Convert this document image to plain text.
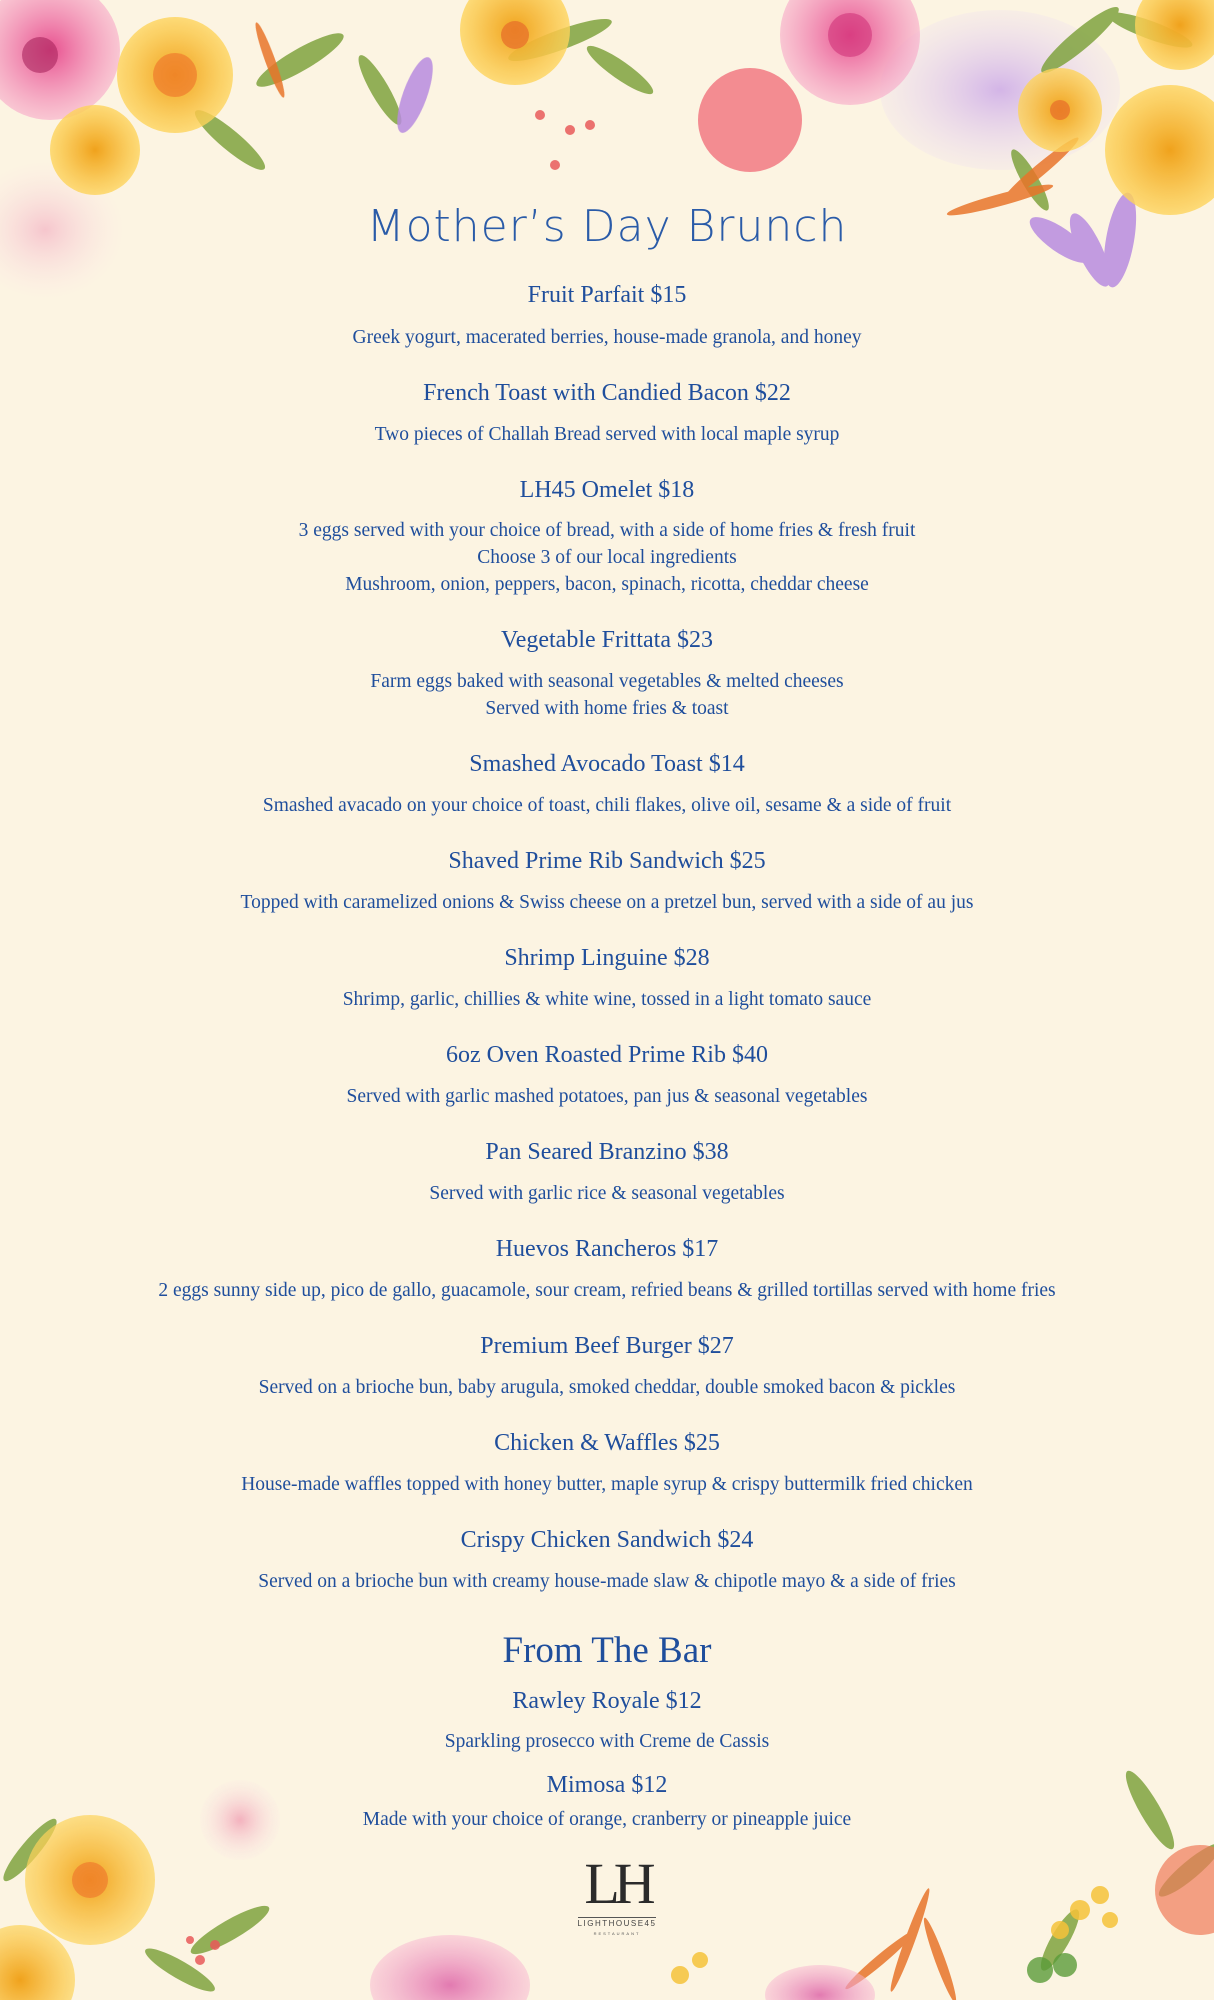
Mother’s Day Brunch
Fruit Parfait $15
Greek yogurt, macerated berries, house-made granola, and honey
French Toast with Candied Bacon $22
Two pieces of Challah Bread served with local maple syrup
LH45 Omelet $18
3 eggs served with your choice of bread, with a side of home fries & fresh fruit
Choose 3 of our local ingredients
Mushroom, onion, peppers, bacon, spinach, ricotta, cheddar cheese
Vegetable Frittata $23
Farm eggs baked with seasonal vegetables & melted cheeses
Served with home fries & toast
Smashed Avocado Toast $14
Smashed avacado on your choice of toast, chili flakes, olive oil, sesame & a side of fruit
Shaved Prime Rib Sandwich $25
Topped with caramelized onions & Swiss cheese on a pretzel bun, served with a side of au jus
Shrimp Linguine $28
Shrimp, garlic, chillies & white wine, tossed in a light tomato sauce
6oz Oven Roasted Prime Rib $40
Served with garlic mashed potatoes, pan jus & seasonal vegetables
Pan Seared Branzino $38
Served with garlic rice & seasonal vegetables
Huevos Rancheros $17
2 eggs sunny side up, pico de gallo, guacamole, sour cream, refried beans & grilled tortillas served with home fries
Premium Beef Burger $27
Served on a brioche bun, baby arugula, smoked cheddar, double smoked bacon & pickles
Chicken & Waffles $25
House-made waffles topped with honey butter, maple syrup & crispy buttermilk fried chicken
Crispy Chicken Sandwich $24
Served on a brioche bun with creamy house-made slaw & chipotle mayo & a side of fries
From The Bar
Rawley Royale $12
Sparkling prosecco with Creme de Cassis
Mimosa $12
Made with your choice of orange, cranberry or pineapple juice
LH
LIGHTHOUSE45
RESTAURANT
